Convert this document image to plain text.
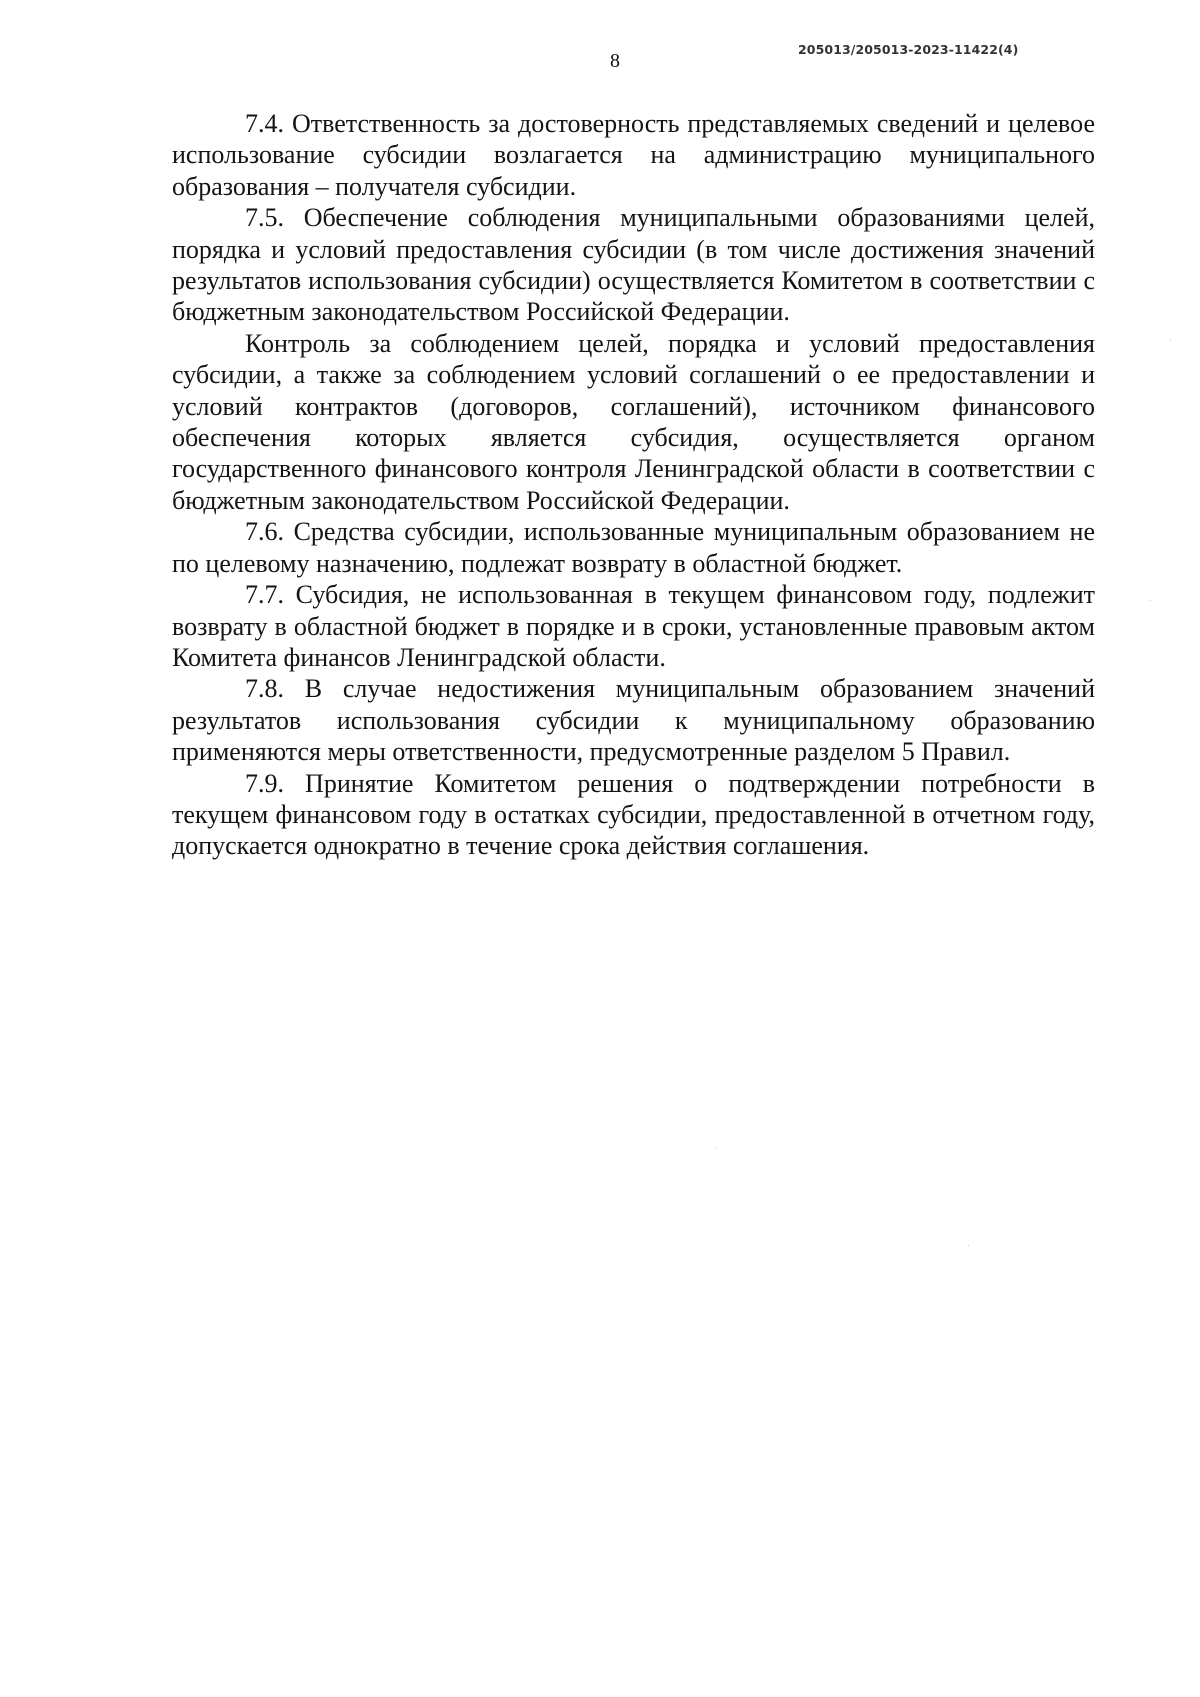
205013/205013-2023-11422(4)
8

7.4. Ответственность за достоверность представляемых сведений и целевое использование субсидии возлагается на администрацию муниципального образования – получателя субсидии.

7.5. Обеспечение соблюдения муниципальными образованиями целей, порядка и условий предоставления субсидии (в том числе достижения значений результатов использования субсидии) осуществляется Комитетом в соответствии с бюджетным законодательством Российской Федерации.

Контроль за соблюдением целей, порядка и условий предоставления субсидии, а также за соблюдением условий соглашений о ее предоставлении и условий контрактов (договоров, соглашений), источником финансового обеспечения которых является субсидия, осуществляется органом государственного финансового контроля Ленинградской области в соответствии с бюджетным законодательством Российской Федерации.

7.6. Средства субсидии, использованные муниципальным образованием не по целевому назначению, подлежат возврату в областной бюджет.

7.7. Субсидия, не использованная в текущем финансовом году, подлежит возврату в областной бюджет в порядке и в сроки, установленные правовым актом Комитета финансов Ленинградской области.

7.8. В случае недостижения муниципальным образованием значений результатов использования субсидии к муниципальному образованию применяются меры ответственности, предусмотренные разделом 5 Правил.

7.9. Принятие Комитетом решения о подтверждении потребности в текущем финансовом году в остатках субсидии, предоставленной в отчетном году, допускается однократно в течение срока действия соглашения.
